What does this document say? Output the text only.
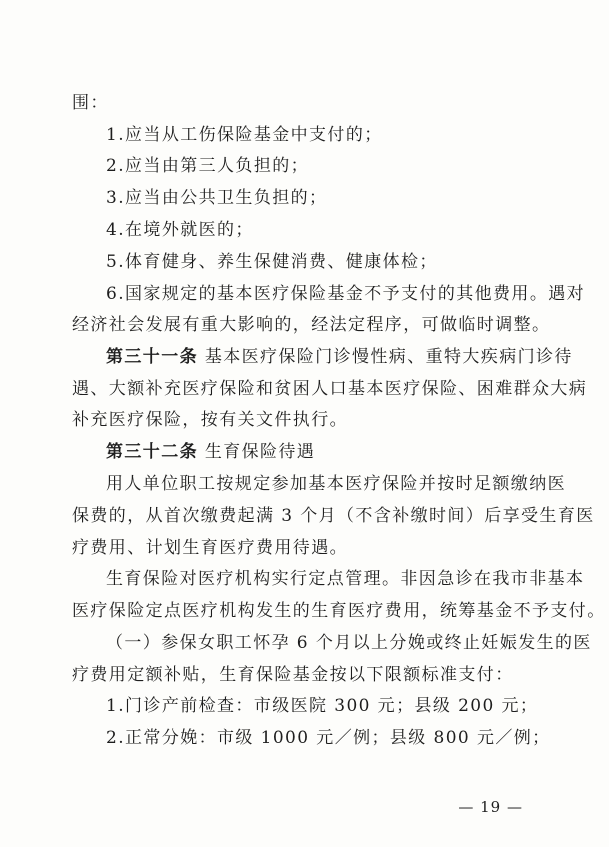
围：
1.应当从工伤保险基金中支付的；
2.应当由第三人负担的；
3.应当由公共卫生负担的；
4.在境外就医的；
5.体育健身、养生保健消费、健康体检；
6.国家规定的基本医疗保险基金不予支付的其他费用。遇对
经济社会发展有重大影响的，经法定程序，可做临时调整。
第三十一条 基本医疗保险门诊慢性病、重特大疾病门诊待
遇、大额补充医疗保险和贫困人口基本医疗保险、困难群众大病
补充医疗保险，按有关文件执行。
第三十二条 生育保险待遇
用人单位职工按规定参加基本医疗保险并按时足额缴纳医
保费的，从首次缴费起满 3 个月（不含补缴时间）后享受生育医
疗费用、计划生育医疗费用待遇。
生育保险对医疗机构实行定点管理。非因急诊在我市非基本
医疗保险定点医疗机构发生的生育医疗费用，统筹基金不予支付。
（一）参保女职工怀孕 6 个月以上分娩或终止妊娠发生的医
疗费用定额补贴，生育保险基金按以下限额标准支付：
1.门诊产前检查：市级医院 300 元；县级 200 元；
2.正常分娩：市级 1000 元／例；县级 800 元／例；
— 19 —
